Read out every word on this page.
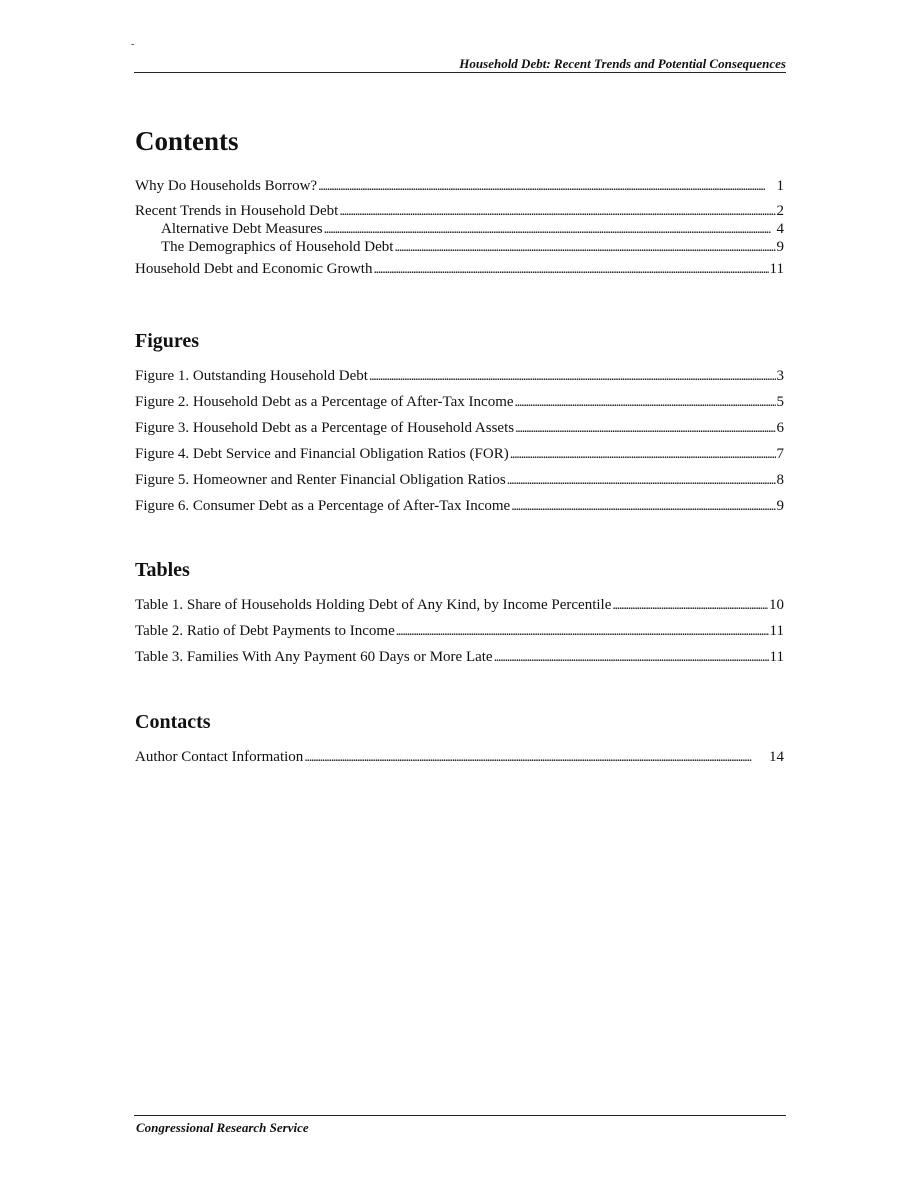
-
Household Debt: Recent Trends and Potential Consequences
Contents
Why Do Households Borrow? . . .	1
Recent Trends in Household Debt . . .	2
Alternative Debt Measures . . .	4
The Demographics of Household Debt . . .	9
Household Debt and Economic Growth . . .	11
Figures
Figure 1. Outstanding Household Debt . . .	3
Figure 2. Household Debt as a Percentage of After-Tax Income . . .	5
Figure 3. Household Debt as a Percentage of Household Assets . . .	6
Figure 4. Debt Service and Financial Obligation Ratios (FOR) . . .	7
Figure 5. Homeowner and Renter Financial Obligation Ratios . . .	8
Figure 6. Consumer Debt as a Percentage of After-Tax Income . . .	9
Tables
Table 1. Share of Households Holding Debt of Any Kind, by Income Percentile . . .	10
Table 2. Ratio of Debt Payments to Income . . .	11
Table 3. Families With Any Payment 60 Days or More Late . . .	11
Contacts
Author Contact Information . . .	14
Congressional Research Service
